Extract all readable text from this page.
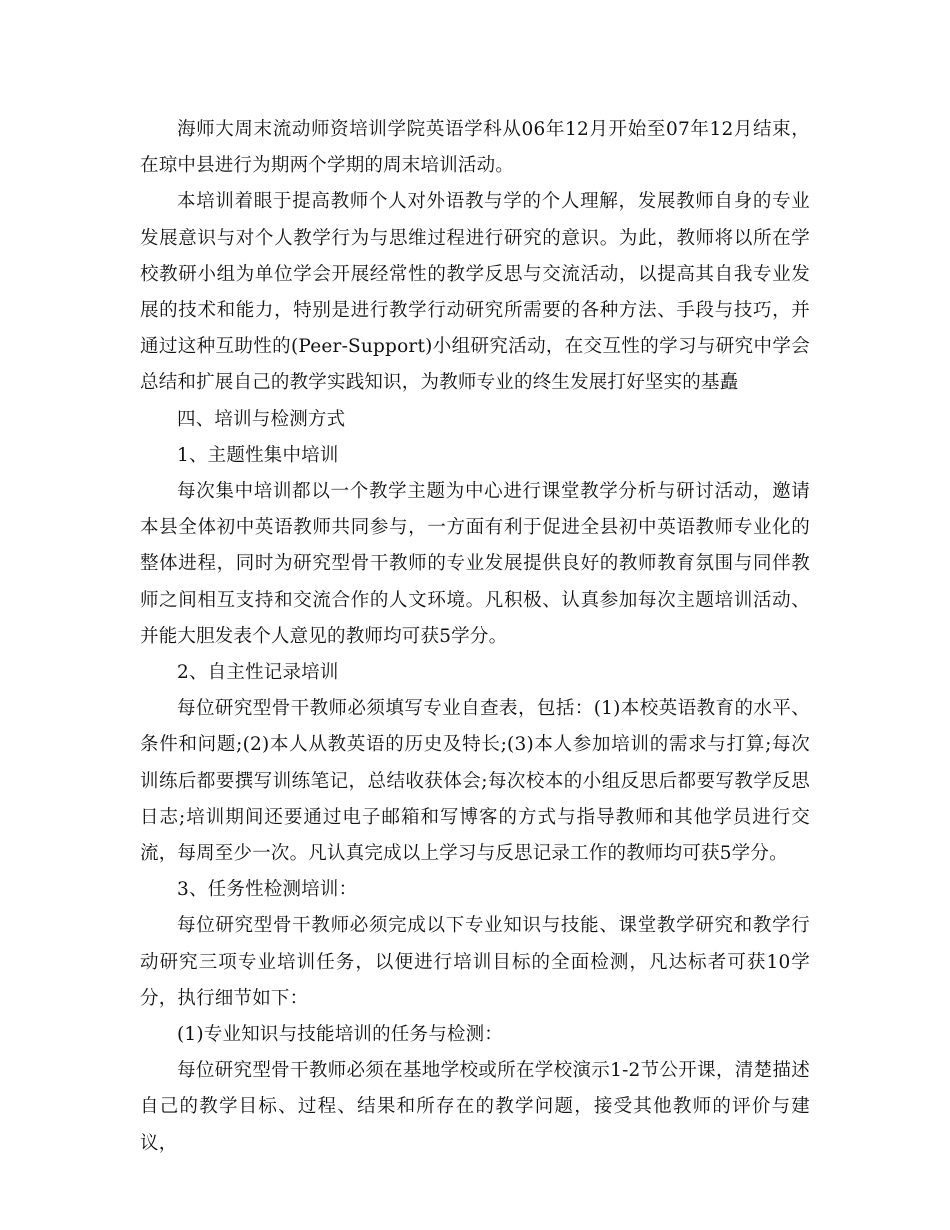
海师大周末流动师资培训学院英语学科从06年12月开始至07年12月结束，在琼中县进行为期两个学期的周末培训活动。

本培训着眼于提高教师个人对外语教与学的个人理解，发展教师自身的专业发展意识与对个人教学行为与思维过程进行研究的意识。为此，教师将以所在学校教研小组为单位学会开展经常性的教学反思与交流活动，以提高其自我专业发展的技术和能力，特别是进行教学行动研究所需要的各种方法、手段与技巧，并通过这种互助性的(Peer-Support)小组研究活动，在交互性的学习与研究中学会总结和扩展自己的教学实践知识，为教师专业的终生发展打好坚实的基矗

四、培训与检测方式

1、主题性集中培训

每次集中培训都以一个教学主题为中心进行课堂教学分析与研讨活动，邀请本县全体初中英语教师共同参与，一方面有利于促进全县初中英语教师专业化的整体进程，同时为研究型骨干教师的专业发展提供良好的教师教育氛围与同伴教师之间相互支持和交流合作的人文环境。凡积极、认真参加每次主题培训活动、并能大胆发表个人意见的教师均可获5学分。

2、自主性记录培训

每位研究型骨干教师必须填写专业自查表，包括：(1)本校英语教育的水平、条件和问题;(2)本人从教英语的历史及特长;(3)本人参加培训的需求与打算;每次训练后都要撰写训练笔记，总结收获体会;每次校本的小组反思后都要写教学反思日志;培训期间还要通过电子邮箱和写博客的方式与指导教师和其他学员进行交流，每周至少一次。凡认真完成以上学习与反思记录工作的教师均可获5学分。

3、任务性检测培训：

每位研究型骨干教师必须完成以下专业知识与技能、课堂教学研究和教学行动研究三项专业培训任务，以便进行培训目标的全面检测，凡达标者可获10学分，执行细节如下：

(1)专业知识与技能培训的任务与检测：

每位研究型骨干教师必须在基地学校或所在学校演示1-2节公开课，清楚描述自己的教学目标、过程、结果和所存在的教学问题，接受其他教师的评价与建议，
